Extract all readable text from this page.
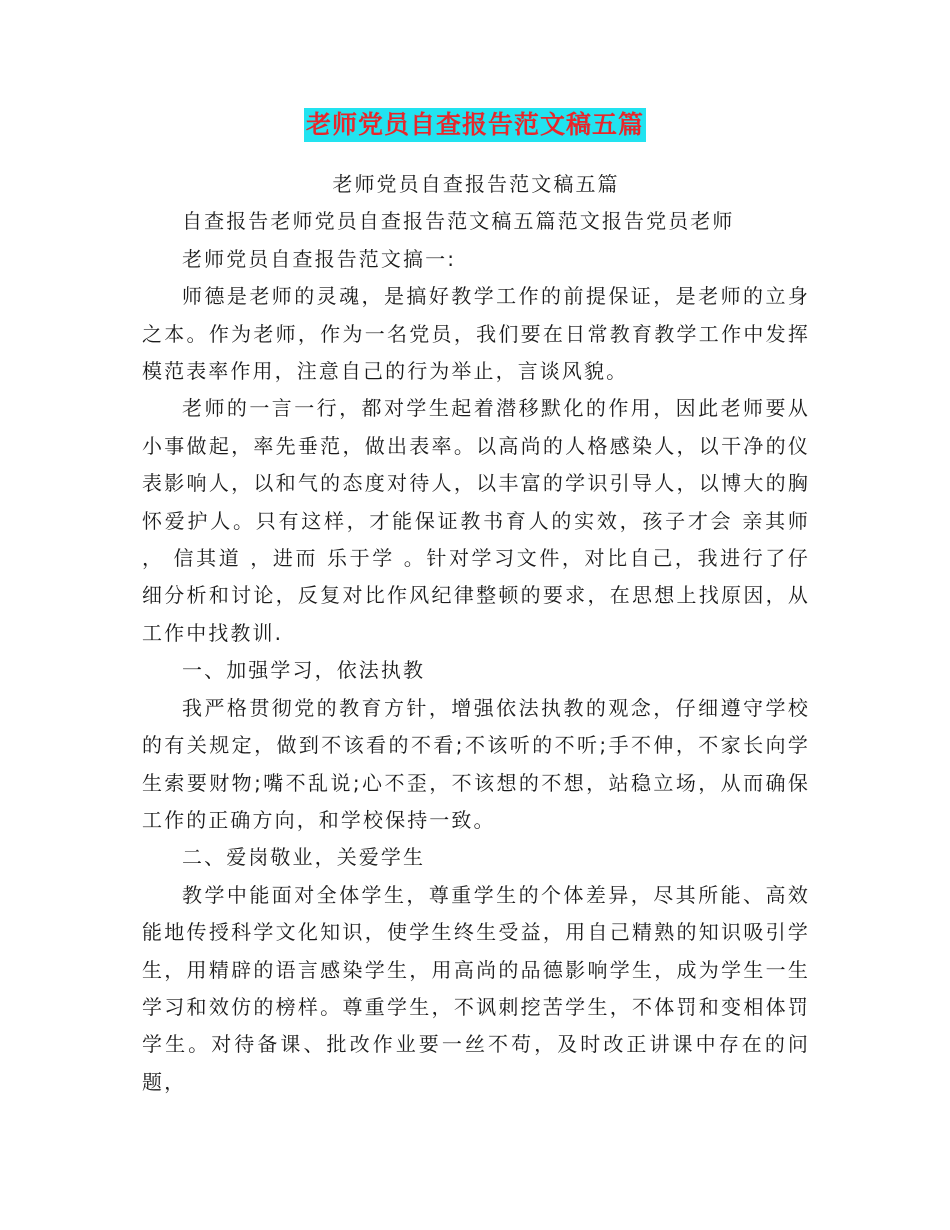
老师党员自查报告范文稿五篇

老师党员自查报告范文稿五篇

自查报告老师党员自查报告范文稿五篇范文报告党员老师

老师党员自查报告范文搞一:

师德是老师的灵魂，是搞好教学工作的前提保证，是老师的立身之本。作为老师，作为一名党员，我们要在日常教育教学工作中发挥模范表率作用，注意自己的行为举止，言谈风貌。

老师的一言一行，都对学生起着潜移默化的作用，因此老师要从小事做起，率先垂范，做出表率。以高尚的人格感染人，以干净的仪表影响人，以和气的态度对待人，以丰富的学识引导人，以博大的胸怀爱护人。只有这样，才能保证教书育人的实效，孩子才会 亲其师 ， 信其道 ，进而 乐于学 。针对学习文件，对比自己，我进行了仔细分析和讨论，反复对比作风纪律整顿的要求，在思想上找原因，从工作中找教训.

一、加强学习，依法执教

我严格贯彻党的教育方针，增强依法执教的观念，仔细遵守学校的有关规定，做到不该看的不看;不该听的不听;手不伸，不家长向学生索要财物;嘴不乱说;心不歪，不该想的不想，站稳立场，从而确保工作的正确方向，和学校保持一致。

二、爱岗敬业，关爱学生

教学中能面对全体学生，尊重学生的个体差异，尽其所能、高效能地传授科学文化知识，使学生终生受益，用自己精熟的知识吸引学生，用精辟的语言感染学生，用高尚的品德影响学生，成为学生一生学习和效仿的榜样。尊重学生，不讽刺挖苦学生，不体罚和变相体罚学生。对待备课、批改作业要一丝不苟，及时改正讲课中存在的问题，
